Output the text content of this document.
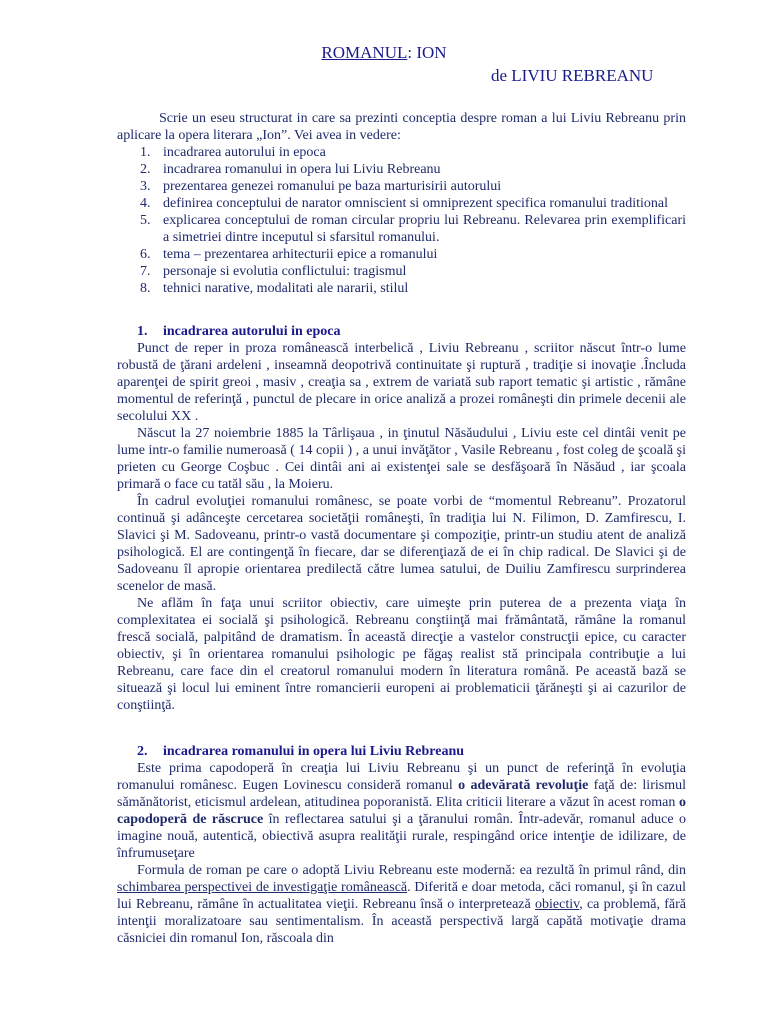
ROMANUL: ION
de LIVIU REBREANU

Scrie un eseu structurat in care sa prezinti conceptia despre roman a lui Liviu Rebreanu prin aplicare la opera literara „Ion”. Vei avea in vedere:

1. incadrarea autorului in epoca
2. incadrarea romanului in opera lui Liviu Rebreanu
3. prezentarea genezei romanului pe baza marturisirii autorului
4. definirea conceptului de narator omniscient si omniprezent specifica romanului traditional
5. explicarea conceptului de roman circular propriu lui Rebreanu. Relevarea prin exemplificari a simetriei dintre inceputul si sfarsitul romanului.
6. tema – prezentarea arhitecturii epice a romanului
7. personaje si evolutia conflictului: tragismul
8. tehnici narative, modalitati ale nararii, stilul

1. incadrarea autorului in epoca

Punct de reper in proza românească interbelică , Liviu Rebreanu , scriitor născut într-o lume robustă de ţărani ardeleni , inseamnă deopotrivă continuitate şi ruptură , tradiţie si inovaţie .Încluda aparenţei de spirit greoi , masiv , creaţia sa , extrem de variată sub raport tematic şi artistic , rămâne momentul de referinţă , punctul de plecare in orice analiză a prozei româneşti din primele decenii ale secolului XX .

Născut la 27 noiembrie 1885 la Târlişaua , in ţinutul Năsăudului , Liviu este cel dintâi venit pe lume intr-o familie numeroasă ( 14 copii ) , a unui invăţător , Vasile Rebreanu , fost coleg de şcoală şi prieten cu George Coşbuc . Cei dintâi ani ai existenţei sale se desfăşoară în Năsăud , iar şcoala primară o face cu tatăl său , la Moieru.

În cadrul evoluţiei romanului românesc, se poate vorbi de “momentul Rebreanu”. Prozatorul continuă şi adânceşte cercetarea societăţii româneşti, în tradiţia lui N. Filimon, D. Zamfirescu, I. Slavici şi M. Sadoveanu, printr-o vastă documentare şi compoziţie, printr-un studiu atent de analiză psihologică. El are contingenţă în fiecare, dar se diferenţiază de ei în chip radical. De Slavici şi de Sadoveanu îl apropie orientarea predilectă către lumea satului, de Duiliu Zamfirescu surprinderea scenelor de masă.

Ne aflăm în faţa unui scriitor obiectiv, care uimeşte prin puterea de a prezenta viaţa în complexitatea ei socială şi psihologică. Rebreanu conştiinţă mai frământată, rămâne la romanul frescă socială, palpitând de dramatism. În această direcţie a vastelor construcţii epice, cu caracter obiectiv, şi în orientarea romanului psihologic pe făgaş realist stă principala contribuţie a lui Rebreanu, care face din el creatorul romanului modern în literatura română. Pe această bază se situează şi locul lui eminent între romancierii europeni ai problematicii ţărăneşti şi ai cazurilor de conştiinţă.

2. incadrarea romanului in opera lui Liviu Rebreanu

Este prima capodoperă în creaţia lui Liviu Rebreanu şi un punct de referinţă în evoluţia romanului românesc. Eugen Lovinescu consideră romanul o adevărată revoluţie faţă de: lirismul sămănătorist, eticismul ardelean, atitudinea poporanistă. Elita criticii literare a văzut în acest roman o capodoperă de răscruce în reflectarea satului şi a ţăranului român. Într-adevăr, romanul aduce o imagine nouă, autentică, obiectivă asupra realităţii rurale, respingând orice intenţie de idilizare, de înfrumuseţare

Formula de roman pe care o adoptă Liviu Rebreanu este modernă: ea rezultă în primul rând, din schimbarea perspectivei de investigaţie românească. Diferită e doar metoda, căci romanul, şi în cazul lui Rebreanu, rămâne în actualitatea vieţii. Rebreanu însă o interpretează obiectiv, ca problemă, fără intenţii moralizatoare sau sentimentalism. În această perspectivă largă capătă motivaţie drama căsniciei din romanul Ion, răscoala din
